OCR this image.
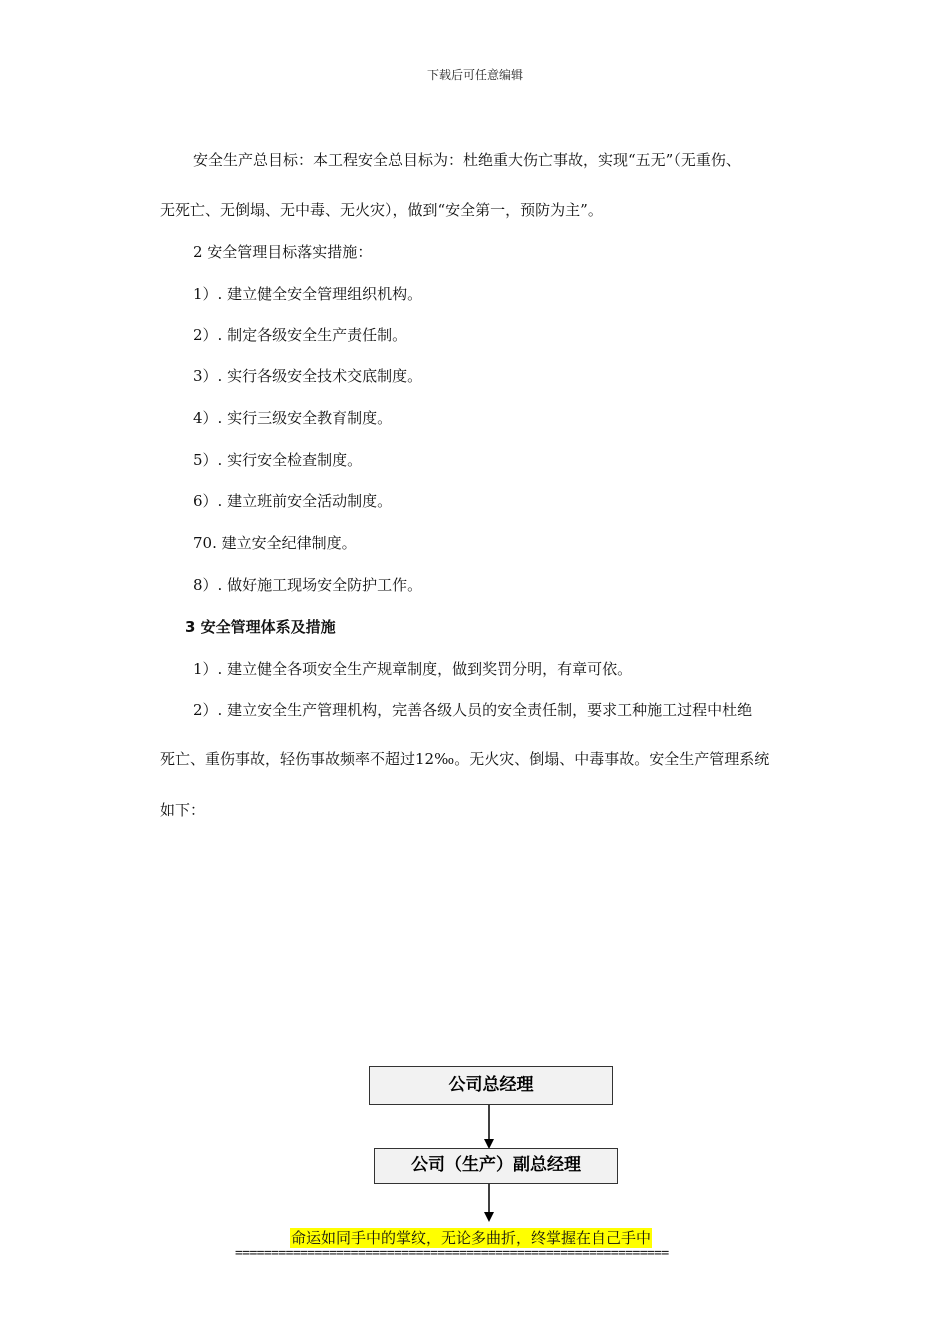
下载后可任意编辑
安全生产总目标：本工程安全总目标为：杜绝重大伤亡事故，实现“五无”（无重伤、
无死亡、无倒塌、无中毒、无火灾），做到“安全第一，预防为主”。
2 安全管理目标落实措施：
1）. 建立健全安全管理组织机构。
2）. 制定各级安全生产责任制。
3）. 实行各级安全技术交底制度。
4）. 实行三级安全教育制度。
5）. 实行安全检查制度。
6）. 建立班前安全活动制度。
70. 建立安全纪律制度。
8）. 做好施工现场安全防护工作。
3 安全管理体系及措施
1）. 建立健全各项安全生产规章制度，做到奖罚分明，有章可依。
2）. 建立安全生产管理机构，完善各级人员的安全责任制，要求工种施工过程中杜绝
死亡、重伤事故，轻伤事故频率不超过12‰。无火灾、倒塌、中毒事故。安全生产管理系统
如下：
公司总经理
公司（生产）副总经理
命运如同手中的掌纹，无论多曲折，终掌握在自己手中
============================================================
